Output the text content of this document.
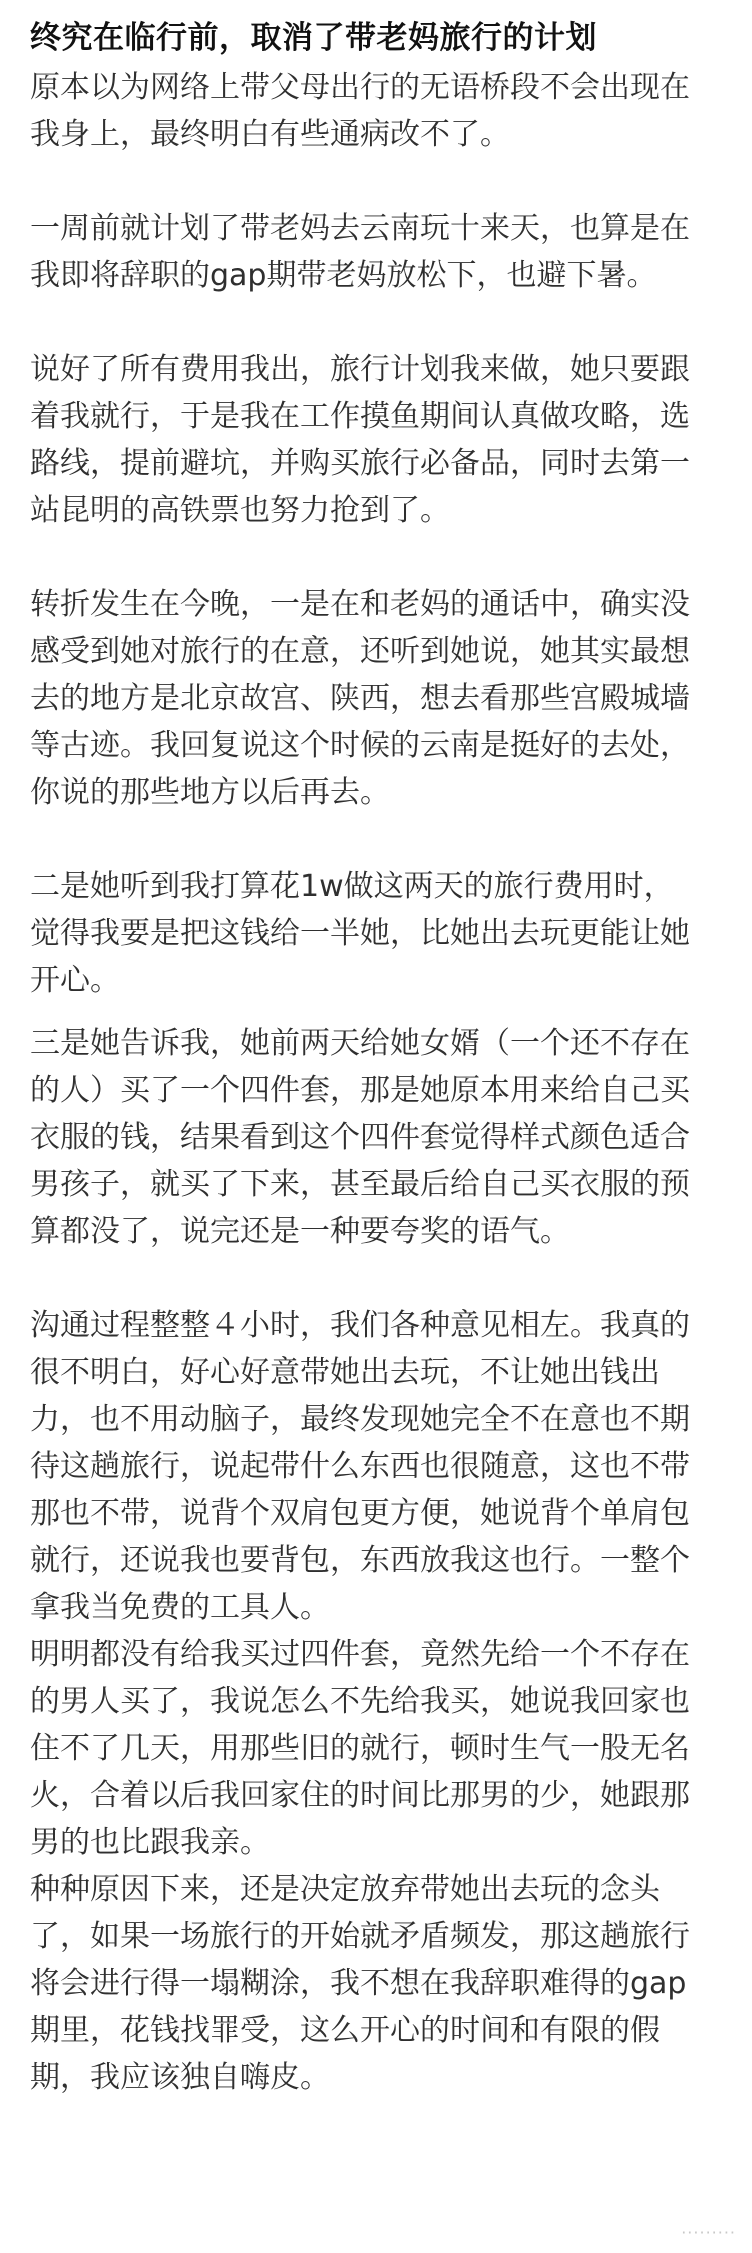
终究在临行前，取消了带老妈旅行的计划

原本以为网络上带父母出行的无语桥段不会出现在
我身上，最终明白有些通病改不了。

一周前就计划了带老妈去云南玩十来天，也算是在
我即将辞职的gap期带老妈放松下，也避下暑。

说好了所有费用我出，旅行计划我来做，她只要跟
着我就行，于是我在工作摸鱼期间认真做攻略，选
路线，提前避坑，并购买旅行必备品，同时去第一
站昆明的高铁票也努力抢到了。

转折发生在今晚，一是在和老妈的通话中，确实没
感受到她对旅行的在意，还听到她说，她其实最想
去的地方是北京故宫、陕西，想去看那些宫殿城墙
等古迹。我回复说这个时候的云南是挺好的去处，
你说的那些地方以后再去。

二是她听到我打算花1w做这两天的旅行费用时，
觉得我要是把这钱给一半她，比她出去玩更能让她
开心。

三是她告诉我，她前两天给她女婿（一个还不存在
的人）买了一个四件套，那是她原本用来给自己买
衣服的钱，结果看到这个四件套觉得样式颜色适合
男孩子，就买了下来，甚至最后给自己买衣服的预
算都没了，说完还是一种要夸奖的语气。

沟通过程整整４小时，我们各种意见相左。我真的
很不明白，好心好意带她出去玩，不让她出钱出
力，也不用动脑子，最终发现她完全不在意也不期
待这趟旅行，说起带什么东西也很随意，这也不带
那也不带，说背个双肩包更方便，她说背个单肩包
就行，还说我也要背包，东西放我这也行。一整个
拿我当免费的工具人。

明明都没有给我买过四件套，竟然先给一个不存在
的男人买了，我说怎么不先给我买，她说我回家也
住不了几天，用那些旧的就行，顿时生气一股无名
火，合着以后我回家住的时间比那男的少，她跟那
男的也比跟我亲。

种种原因下来，还是决定放弃带她出去玩的念头
了，如果一场旅行的开始就矛盾频发，那这趟旅行
将会进行得一塌糊涂，我不想在我辞职难得的gap
期里，花钱找罪受，这么开心的时间和有限的假
期，我应该独自嗨皮。

·········
